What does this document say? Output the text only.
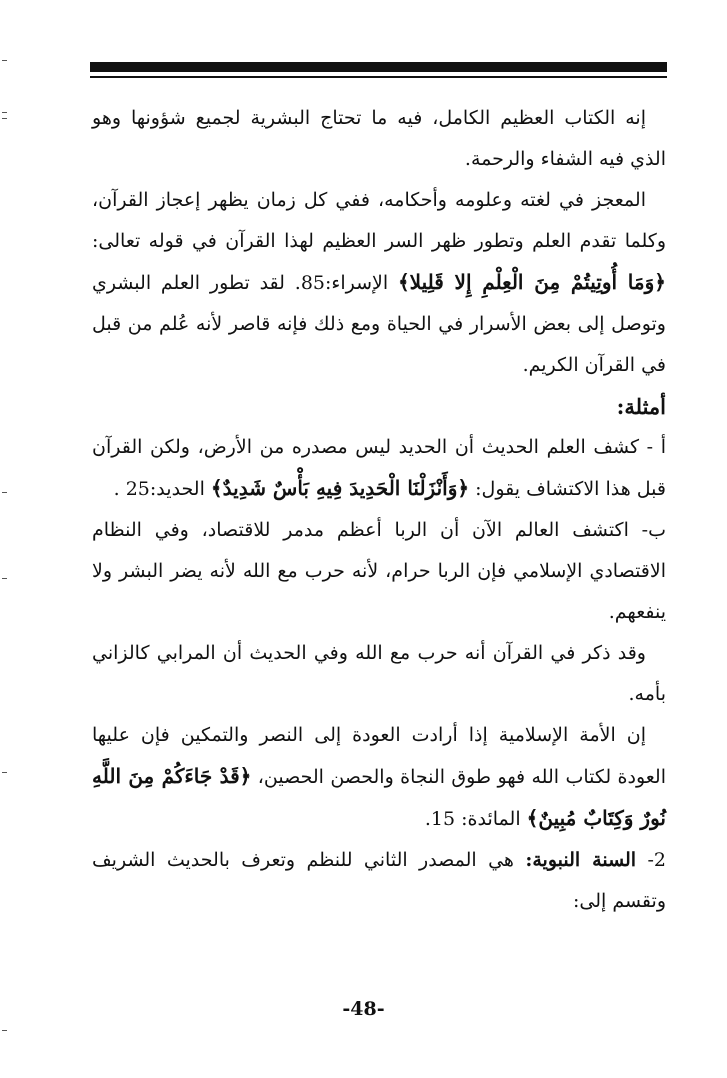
إنه الكتاب العظيم الكامل، فيه ما تحتاج البشرية لجميع شؤونها وهو الذي فيه الشفاء والرحمة.

المعجز في لغته وعلومه وأحكامه، ففي كل زمان يظهر إعجاز القرآن، وكلما تقدم العلم وتطور ظهر السر العظيم لهذا القرآن في قوله تعالى: ﴿وَمَا أُوتِيتُمْ مِنَ الْعِلْمِ إِلا قَلِيلا﴾ الإسراء:85. لقد تطور العلم البشري وتوصل إلى بعض الأسرار في الحياة ومع ذلك فإنه قاصر لأنه عُلم من قبل في القرآن الكريم.

أمثلة:

أ - كشف العلم الحديث أن الحديد ليس مصدره من الأرض، ولكن القرآن قبل هذا الاكتشاف يقول: ﴿وَأَنْزَلْنَا الْحَدِيدَ فِيهِ بَأْسٌ شَدِيدٌ﴾ الحديد:25 .

ب- اكتشف العالم الآن أن الربا أعظم مدمر للاقتصاد، وفي النظام الاقتصادي الإسلامي فإن الربا حرام، لأنه حرب مع الله لأنه يضر البشر ولا ينفعهم.

وقد ذكر في القرآن أنه حرب مع الله وفي الحديث أن المرابي كالزاني بأمه.

إن الأمة الإسلامية إذا أرادت العودة إلى النصر والتمكين فإن عليها العودة لكتاب الله فهو طوق النجاة والحصن الحصين، ﴿قَدْ جَاءَكُمْ مِنَ اللَّهِ نُورٌ وَكِتَابٌ مُبِينٌ﴾ المائدة: 15.

2- السنة النبوية: هي المصدر الثاني للنظم وتعرف بالحديث الشريف وتقسم إلى:

-48-
